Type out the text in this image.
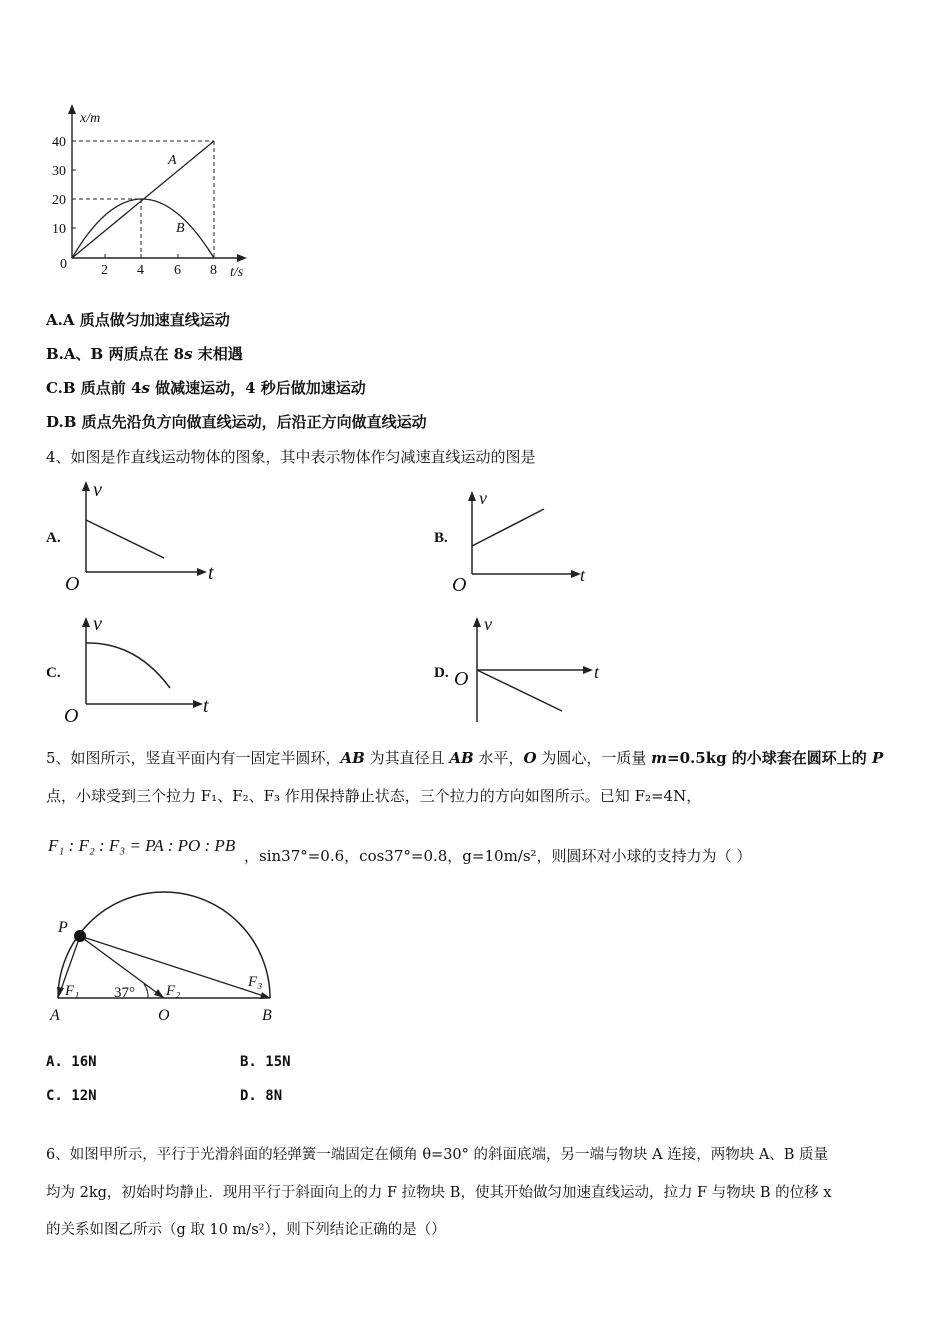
x/m
t/s
40
30
20
10
0 2 4 6 8
A
B
A.A 质点做匀加速直线运动
B.A、B 两质点在 8s 末相遇
C.B 质点前 4s 做减速运动，4 秒后做加速运动
D.B 质点先沿负方向做直线运动，后沿正方向做直线运动
4、如图是作直线运动物体的图象，其中表示物体作匀减速直线运动的图是
A.
v
t
O
B.
v
t
O
C.
v
t
O
D.
v
t
O
5、如图所示，竖直平面内有一固定半圆环，AB 为其直径且 AB 水平，O 为圆心，一质量 m=0.5kg 的小球套在圆环上的 P
点，小球受到三个拉力 F₁、F₂、F₃ 作用保持静止状态，三个拉力的方向如图所示。已知 F₂=4N，
F₁ : F₂ : F₃ = PA : PO : PB
，sin37°=0.6，cos37°=0.8，g=10m/s²，则圆环对小球的支持力为（ ）
P
A	O	B
F₁	F₂
F₃
37°
A. 16N	B. 15N
C. 12N	D. 8N
6、如图甲所示，平行于光滑斜面的轻弹簧一端固定在倾角 θ=30° 的斜面底端，另一端与物块 A 连接，两物块 A、B 质量
均为 2kg，初始时均静止．现用平行于斜面向上的力 F 拉物块 B，使其开始做匀加速直线运动，拉力 F 与物块 B 的位移 x
的关系如图乙所示（g 取 10 m/s²），则下列结论正确的是（）
